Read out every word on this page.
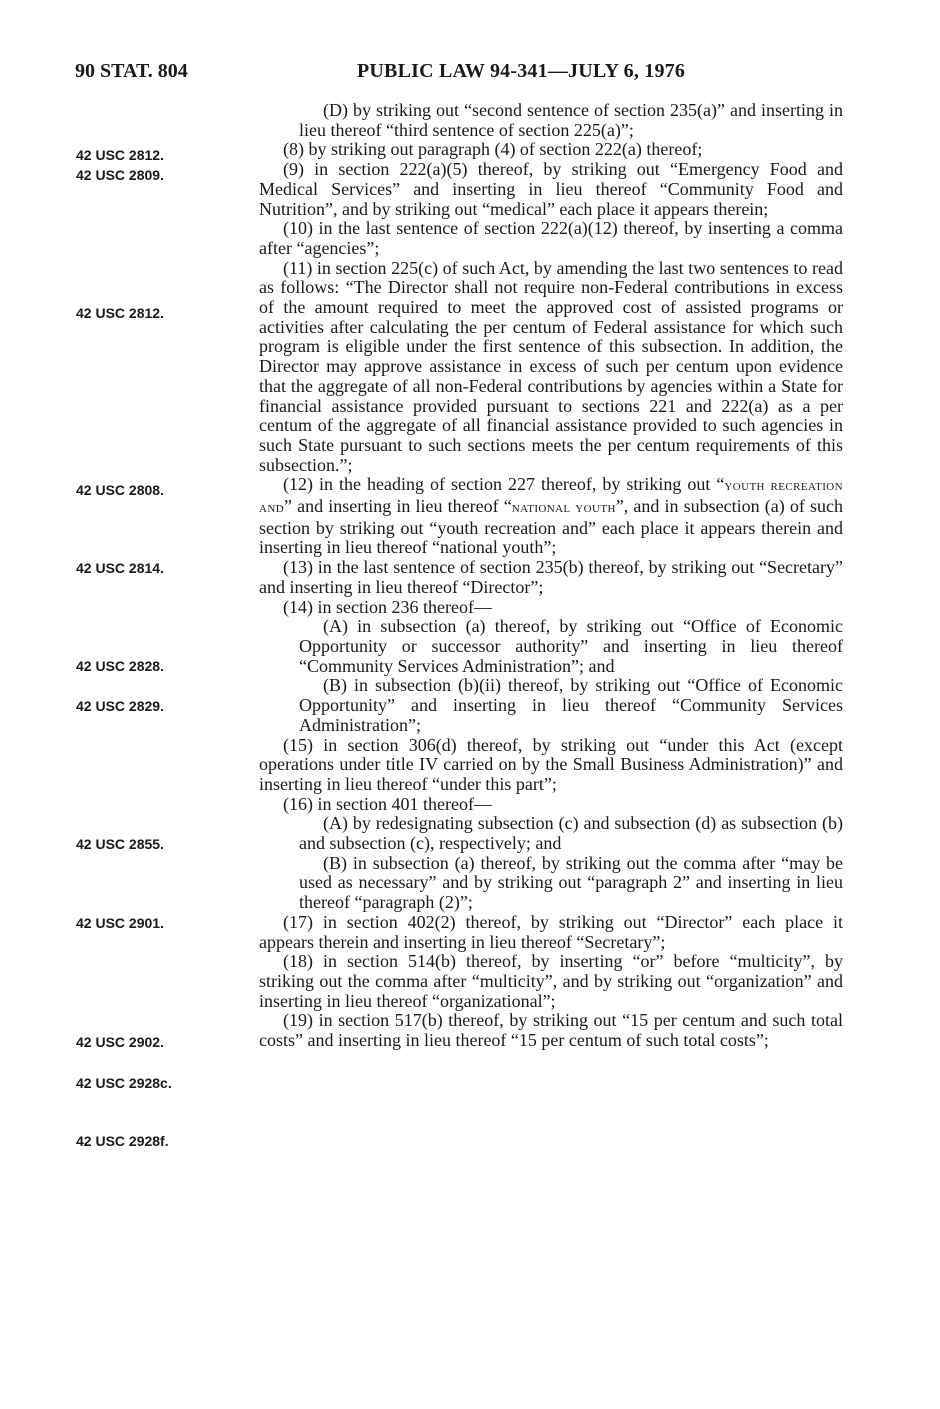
90 STAT. 804	PUBLIC LAW 94-341—JULY 6, 1976
42 USC 2812.
42 USC 2809.
42 USC 2812.
42 USC 2808.
42 USC 2814.
42 USC 2828.
42 USC 2829.
42 USC 2855.
42 USC 2901.
42 USC 2902.
42 USC 2928c.
42 USC 2928f.

(D) by striking out “second sentence of section 235(a)” and inserting in lieu thereof “third sentence of section 225(a)”;

(8) by striking out paragraph (4) of section 222(a) thereof;

(9) in section 222(a)(5) thereof, by striking out “Emergency Food and Medical Services” and inserting in lieu thereof “Community Food and Nutrition”, and by striking out “medical” each place it appears therein;

(10) in the last sentence of section 222(a)(12) thereof, by inserting a comma after “agencies”;

(11) in section 225(c) of such Act, by amending the last two sentences to read as follows: “The Director shall not require non-Federal contributions in excess of the amount required to meet the approved cost of assisted programs or activities after calculating the per centum of Federal assistance for which such program is eligible under the first sentence of this subsection. In addition, the Director may approve assistance in excess of such per centum upon evidence that the aggregate of all non-Federal contributions by agencies within a State for financial assistance provided pursuant to sections 221 and 222(a) as a per centum of the aggregate of all financial assistance provided to such agencies in such State pursuant to such sections meets the per centum requirements of this subsection.”;

(12) in the heading of section 227 thereof, by striking out “youth recreation and” and inserting in lieu thereof “national youth”, and in subsection (a) of such section by striking out “youth recreation and” each place it appears therein and inserting in lieu thereof “national youth”;

(13) in the last sentence of section 235(b) thereof, by striking out “Secretary” and inserting in lieu thereof “Director”;

(14) in section 236 thereof—

(A) in subsection (a) thereof, by striking out “Office of Economic Opportunity or successor authority” and inserting in lieu thereof “Community Services Administration”; and

(B) in subsection (b)(ii) thereof, by striking out “Office of Economic Opportunity” and inserting in lieu thereof “Community Services Administration”;

(15) in section 306(d) thereof, by striking out “under this Act (except operations under title IV carried on by the Small Business Administration)” and inserting in lieu thereof “under this part”;

(16) in section 401 thereof—

(A) by redesignating subsection (c) and subsection (d) as subsection (b) and subsection (c), respectively; and

(B) in subsection (a) thereof, by striking out the comma after “may be used as necessary” and by striking out “paragraph 2” and inserting in lieu thereof “paragraph (2)”;

(17) in section 402(2) thereof, by striking out “Director” each place it appears therein and inserting in lieu thereof “Secretary”;

(18) in section 514(b) thereof, by inserting “or” before “multicity”, by striking out the comma after “multicity”, and by striking out “organization” and inserting in lieu thereof “organizational”;

(19) in section 517(b) thereof, by striking out “15 per centum and such total costs” and inserting in lieu thereof “15 per centum of such total costs”;
